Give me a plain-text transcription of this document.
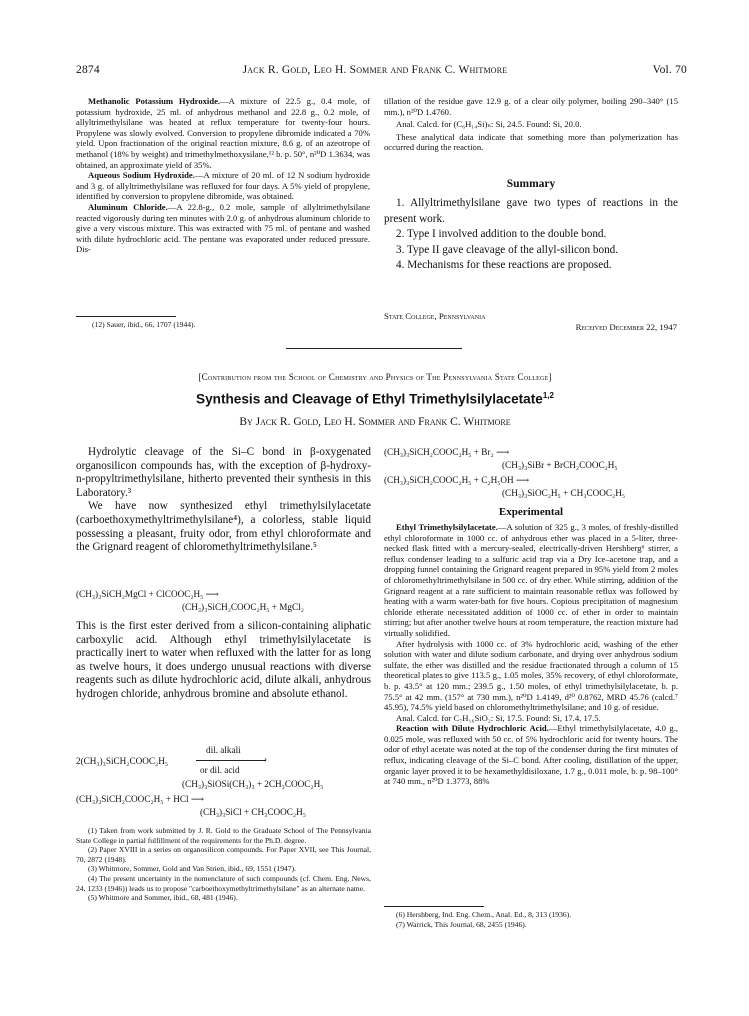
2874	Jack R. Gold, Leo H. Sommer and Frank C. Whitmore	Vol. 70

Methanolic Potassium Hydroxide.—A mixture of 22.5 g., 0.4 mole, of potassium hydroxide, 25 ml. of anhydrous methanol and 22.8 g., 0.2 mole, of allyltrimethylsilane was heated at reflux temperature for twenty-four hours. Propylene was slowly evolved. Conversion to propylene dibromide indicated a 70% yield. Upon fractionation of the original reaction mixture, 8.6 g. of an azeotrope of methanol (18% by weight) and trimethylmethoxysilane,¹² b. p. 50°, n²⁰D 1.3634, was obtained, an approximate yield of 35%.

Aqueous Sodium Hydroxide.—A mixture of 20 ml. of 12 N sodium hydroxide and 3 g. of allyltrimethylsilane was refluxed for four days. A 5% yield of propylene, identified by conversion to propylene dibromide, was obtained.

Aluminum Chloride.—A 22.8-g., 0.2 mole, sample of allyltrimethylsilane reacted vigorously during ten minutes with 2.0 g. of anhydrous aluminum chloride to give a very viscous mixture. This was extracted with 75 ml. of pentane and washed with dilute hydrochloric acid. The pentane was evaporated under reduced pressure. Dis-

(12) Sauer, ibid., 66, 1707 (1944).

tillation of the residue gave 12.9 g. of a clear oily polymer, boiling 290–340° (15 mm.), n²⁰D 1.4760.

Anal. Calcd. for (C₆H₁₄Si)ₙ: Si, 24.5. Found: Si, 20.0.

These analytical data indicate that something more than polymerization has occurred during the reaction.

Summary

1. Allyltrimethylsilane gave two types of reactions in the present work.

2. Type I involved addition to the double bond.

3. Type II gave cleavage of the allyl-silicon bond.

4. Mechanisms for these reactions are proposed.

State College, Pennsylvania
Received December 22, 1947
[Contribution from the School of Chemistry and Physics of The Pennsylvania State College]
Synthesis and Cleavage of Ethyl Trimethylsilylacetate$^{1,2}$
By Jack R. Gold, Leo H. Sommer and Frank C. Whitmore

Hydrolytic cleavage of the Si–C bond in β-oxygenated organosilicon compounds has, with the exception of β-hydroxy-n-propyltrimethylsilane, hitherto prevented their synthesis in this Laboratory.³

We have now synthesized ethyl trimethylsilylacetate (carboethoxymethyltrimethylsilane⁴), a colorless, stable liquid possessing a pleasant, fruity odor, from ethyl chloroformate and the Grignard reagent of chloromethyltrimethylsilane.⁵

(CH₃)₃SiCH₂MgCl + ClCOOC₂H₅ ⟶
(CH₃)₃SiCH₂COOC₂H₅ + MgCl₂
This is the first ester derived from a silicon-containing aliphatic carboxylic acid. Although ethyl trimethylsilylacetate is practically inert to water when refluxed with the latter for as long as twelve hours, it does undergo unusual reactions with diverse reagents such as dilute hydrochloric acid, dilute alkali, anhydrous hydrogen chloride, anhydrous bromine and absolute ethanol.
dil. alkali
2(CH₃)₃SiCH₂COOC₂H₅	›
or dil. acid
(CH₃)₃SiOSi(CH₃)₃ + 2CH₃COOC₂H₅
(CH₃)₃SiCH₂COOC₂H₅ + HCl ⟶
(CH₃)₃SiCl + CH₃COOC₂H₅

(1) Taken from work submitted by J. R. Gold to the Graduate School of The Pennsylvania State College in partial fulfillment of the requirements for the Ph.D. degree.

(2) Paper XVIII in a series on organosilicon compounds. For Paper XVII, see This Journal, 70, 2872 (1948).

(3) Whitmore, Sommer, Gold and Van Strien, ibid., 69, 1551 (1947).

(4) The present uncertainty in the nomenclature of such compounds (cf. Chem. Eng. News, 24, 1233 (1946)) leads us to propose "carboethoxymethyltrimethylsilane" as an alternate name.

(5) Whitmore and Sommer, ibid., 68, 481 (1946).

(CH₃)₃SiCH₂COOC₂H₅ + Br₂ ⟶
(CH₃)₃SiBr + BrCH₂COOC₂H₅
(CH₃)₃SiCH₂COOC₂H₅ + C₂H₅OH ⟶
(CH₃)₃SiOC₂H₅ + CH₃COOC₂H₅
Experimental

Ethyl Trimethylsilylacetate.—A solution of 325 g., 3 moles, of freshly-distilled ethyl chloroformate in 1000 cc. of anhydrous ether was placed in a 5-liter, three-necked flask fitted with a mercury-sealed, electrically-driven Hershberg⁶ stirrer, a reflux condenser leading to a sulfuric acid trap via a Dry Ice–acetone trap, and a dropping funnel containing the Grignard reagent prepared in 95% yield from 2 moles of chloromethyltrimethylsilane in 500 cc. of dry ether. While stirring, addition of the Grignard reagent at a rate sufficient to maintain reasonable reflux was followed by heating with a warm water-bath for five hours. Copious precipitation of magnesium chloride etherate necessitated addition of 1000 cc. of ether in order to maintain stirring; but after another twelve hours at room temperature, the reaction mixture had virtually solidified.

After hydrolysis with 1000 cc. of 3% hydrochloric acid, washing of the ether solution with water and dilute sodium carbonate, and drying over anhydrous sodium sulfate, the ether was distilled and the residue fractionated through a column of 15 theoretical plates to give 113.5 g., 1.05 moles, 35% recovery, of ethyl chloroformate, b. p. 43.5° at 120 mm.; 239.5 g., 1.50 moles, of ethyl trimethylsilylacetate, b. p. 75.5° at 42 mm. (157° at 730 mm.), n²⁰D 1.4149, d²⁰ 0.8762, MRD 45.76 (calcd.⁷ 45.95), 74.5% yield based on chloromethyltrimethylsilane; and 10 g. of residue.

Anal. Calcd. for C₇H₁₆SiO₂: Si, 17.5. Found: Si, 17.4, 17.5.

Reaction with Dilute Hydrochloric Acid.—Ethyl trimethylsilylacetate, 4.0 g., 0.025 mole, was refluxed with 50 cc. of 5% hydrochloric acid for twenty hours. The odor of ethyl acetate was noted at the top of the condenser during the first minutes of reflux, indicating cleavage of the Si–C bond. After cooling, distillation of the upper, organic layer proved it to be hexamethyldisiloxane, 1.7 g., 0.011 mole, b. p. 98–100° at 740 mm., n²⁰D 1.3773, 88%

(6) Hershberg, Ind. Eng. Chem., Anal. Ed., 8, 313 (1936).

(7) Warrick, This Journal, 68, 2455 (1946).
